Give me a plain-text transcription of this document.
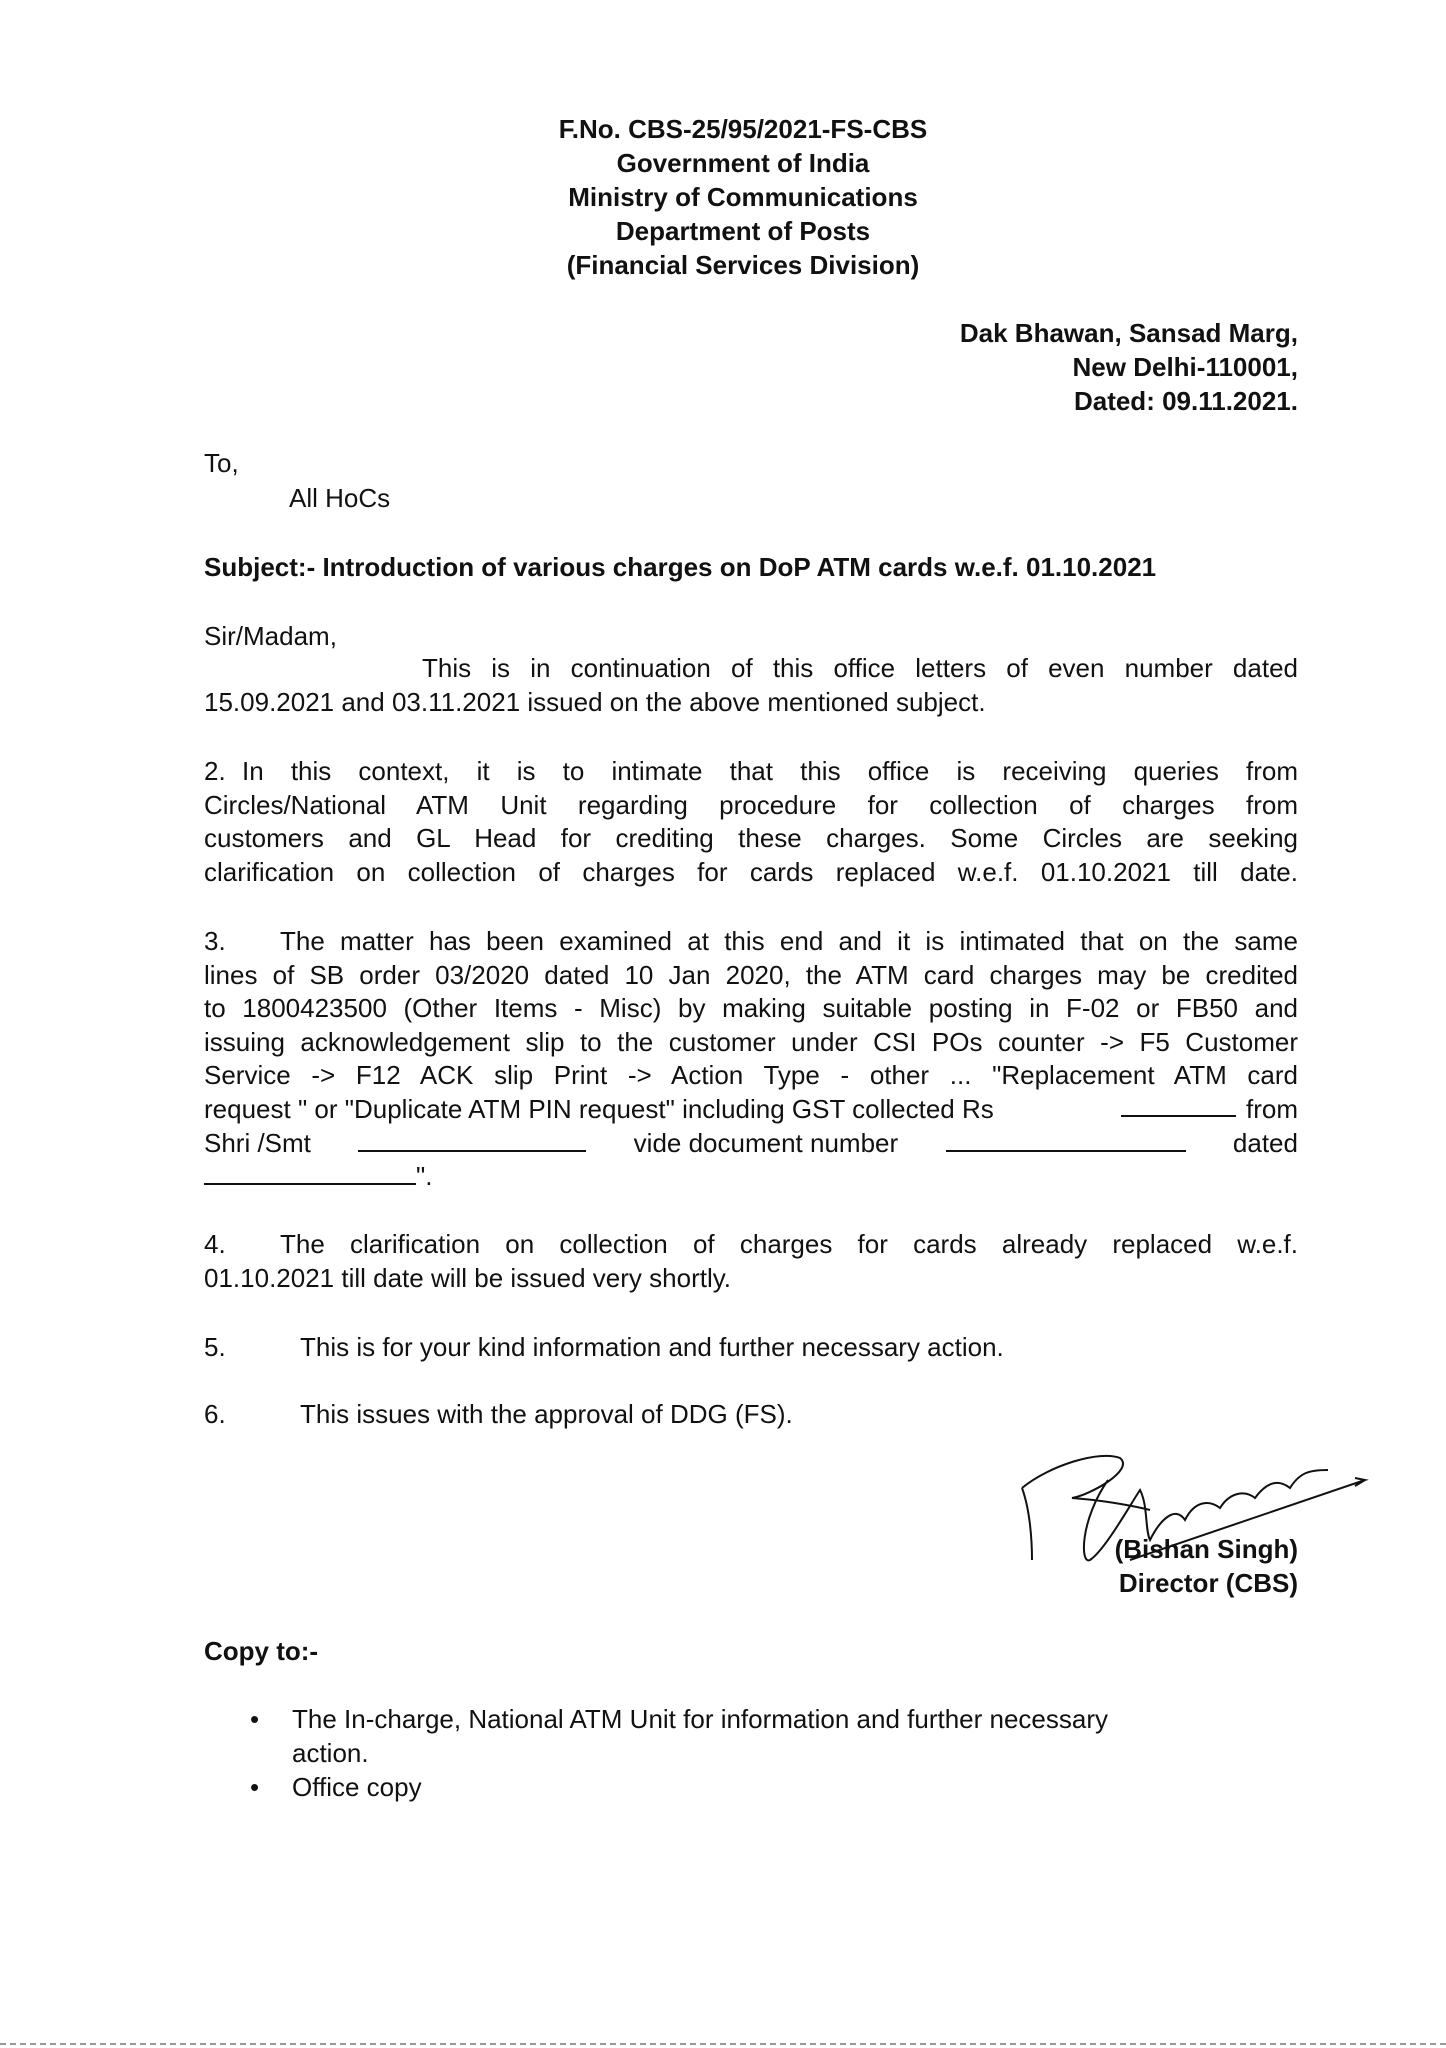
F.No. CBS-25/95/2021-FS-CBS
Government of India
Ministry of Communications
Department of Posts
(Financial Services Division)
Dak Bhawan, Sansad Marg,
New Delhi-110001,
Dated: 09.11.2021.
To,
All HoCs
Subject:- Introduction of various charges on DoP ATM cards w.e.f. 01.10.2021
Sir/Madam,
This is in continuation of this office letters of even number dated
15.09.2021 and 03.11.2021 issued on the above mentioned subject.
2. In this context, it is to intimate that this office is receiving queries from
Circles/National ATM Unit regarding procedure for collection of charges from
customers and GL Head for crediting these charges. Some Circles are seeking
clarification on collection of charges for cards replaced w.e.f. 01.10.2021 till date.
3.	The matter has been examined at this end and it is intimated that on the same
lines of SB order 03/2020 dated 10 Jan 2020, the ATM card charges may be credited
to 1800423500 (Other Items - Misc) by making suitable posting in F-02 or FB50 and
issuing acknowledgement slip to the customer under CSI POs counter -> F5 Customer
Service -> F12 ACK slip Print -> Action Type - other ... "Replacement ATM card
request " or "Duplicate ATM PIN request" including GST collected Rs	from
Shri /Smt	vide document number	dated
".
4.	The clarification on collection of charges for cards already replaced w.e.f.
01.10.2021 till date will be issued very shortly.
5.	This is for your kind information and further necessary action.
6.	This issues with the approval of DDG (FS).
(Bishan Singh)
Director (CBS)
Copy to:-
• The In-charge, National ATM Unit for information and further necessary
action.
• Office copy
